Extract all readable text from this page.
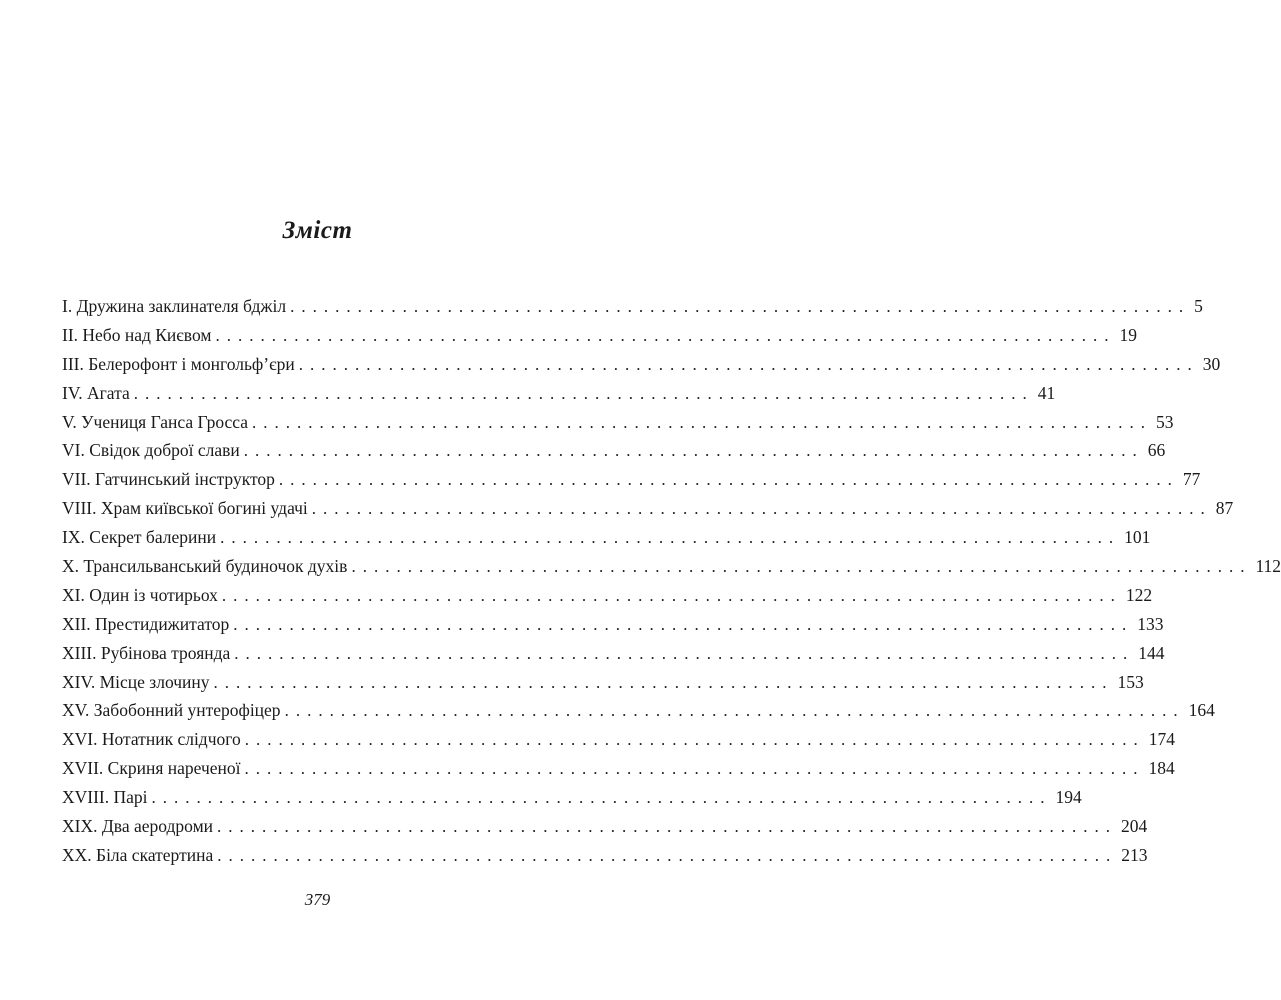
Зміст
I. Дружина заклинателя бджіл ................................................................................ 5
II. Небо над Києвом ................................................................................ 19
III. Белерофонт і монгольф’єри ................................................................................ 30
IV. Агата ................................................................................ 41
V. Учениця Ганса Гросса ................................................................................ 53
VI. Свідок доброї слави ................................................................................ 66
VII. Гатчинський інструктор ................................................................................ 77
VIII. Храм київської богині удачі ................................................................................ 87
IX. Секрет балерини ................................................................................ 101
X. Трансильванський будиночок духів ................................................................................ 112
XI. Один із чотирьох ................................................................................ 122
XII. Престидижитатор ................................................................................ 133
XIII. Рубінова троянда ................................................................................ 144
XIV. Місце злочину ................................................................................ 153
XV. Забобонний унтерофіцер ................................................................................ 164
XVI. Нотатник слідчого ................................................................................ 174
XVII. Скриня нареченої ................................................................................ 184
XVIII. Парі ................................................................................ 194
XIX. Два аеродроми ................................................................................ 204
XX. Біла скатертина ................................................................................ 213
379
